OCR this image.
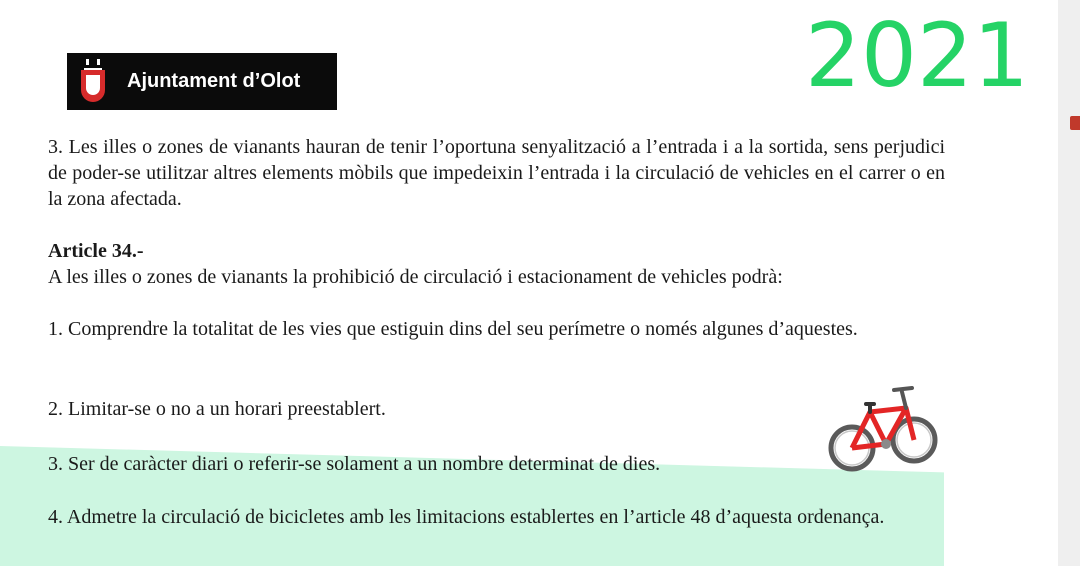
Ajuntament d’Olot	2021

3. Les illes o zones de vianants hauran de tenir l’oportuna senyalització a l’entrada i a la sortida, sens perjudici de poder-se utilitzar altres elements mòbils que impedeixin l’entrada i la circulació de vehicles en el carrer o en la zona afectada.

Article 34.-

A les illes o zones de vianants la prohibició de circulació i estacionament de vehicles podrà:

1. Comprendre la totalitat de les vies que estiguin dins del seu perímetre o només algunes d’aquestes.

2. Limitar-se o no a un horari preestablert.

3. Ser de caràcter diari o referir-se solament a un nombre determinat de dies.

4. Admetre la circulació de bicicletes amb les limitacions establertes en l’article 48 d’aquesta ordenança.
